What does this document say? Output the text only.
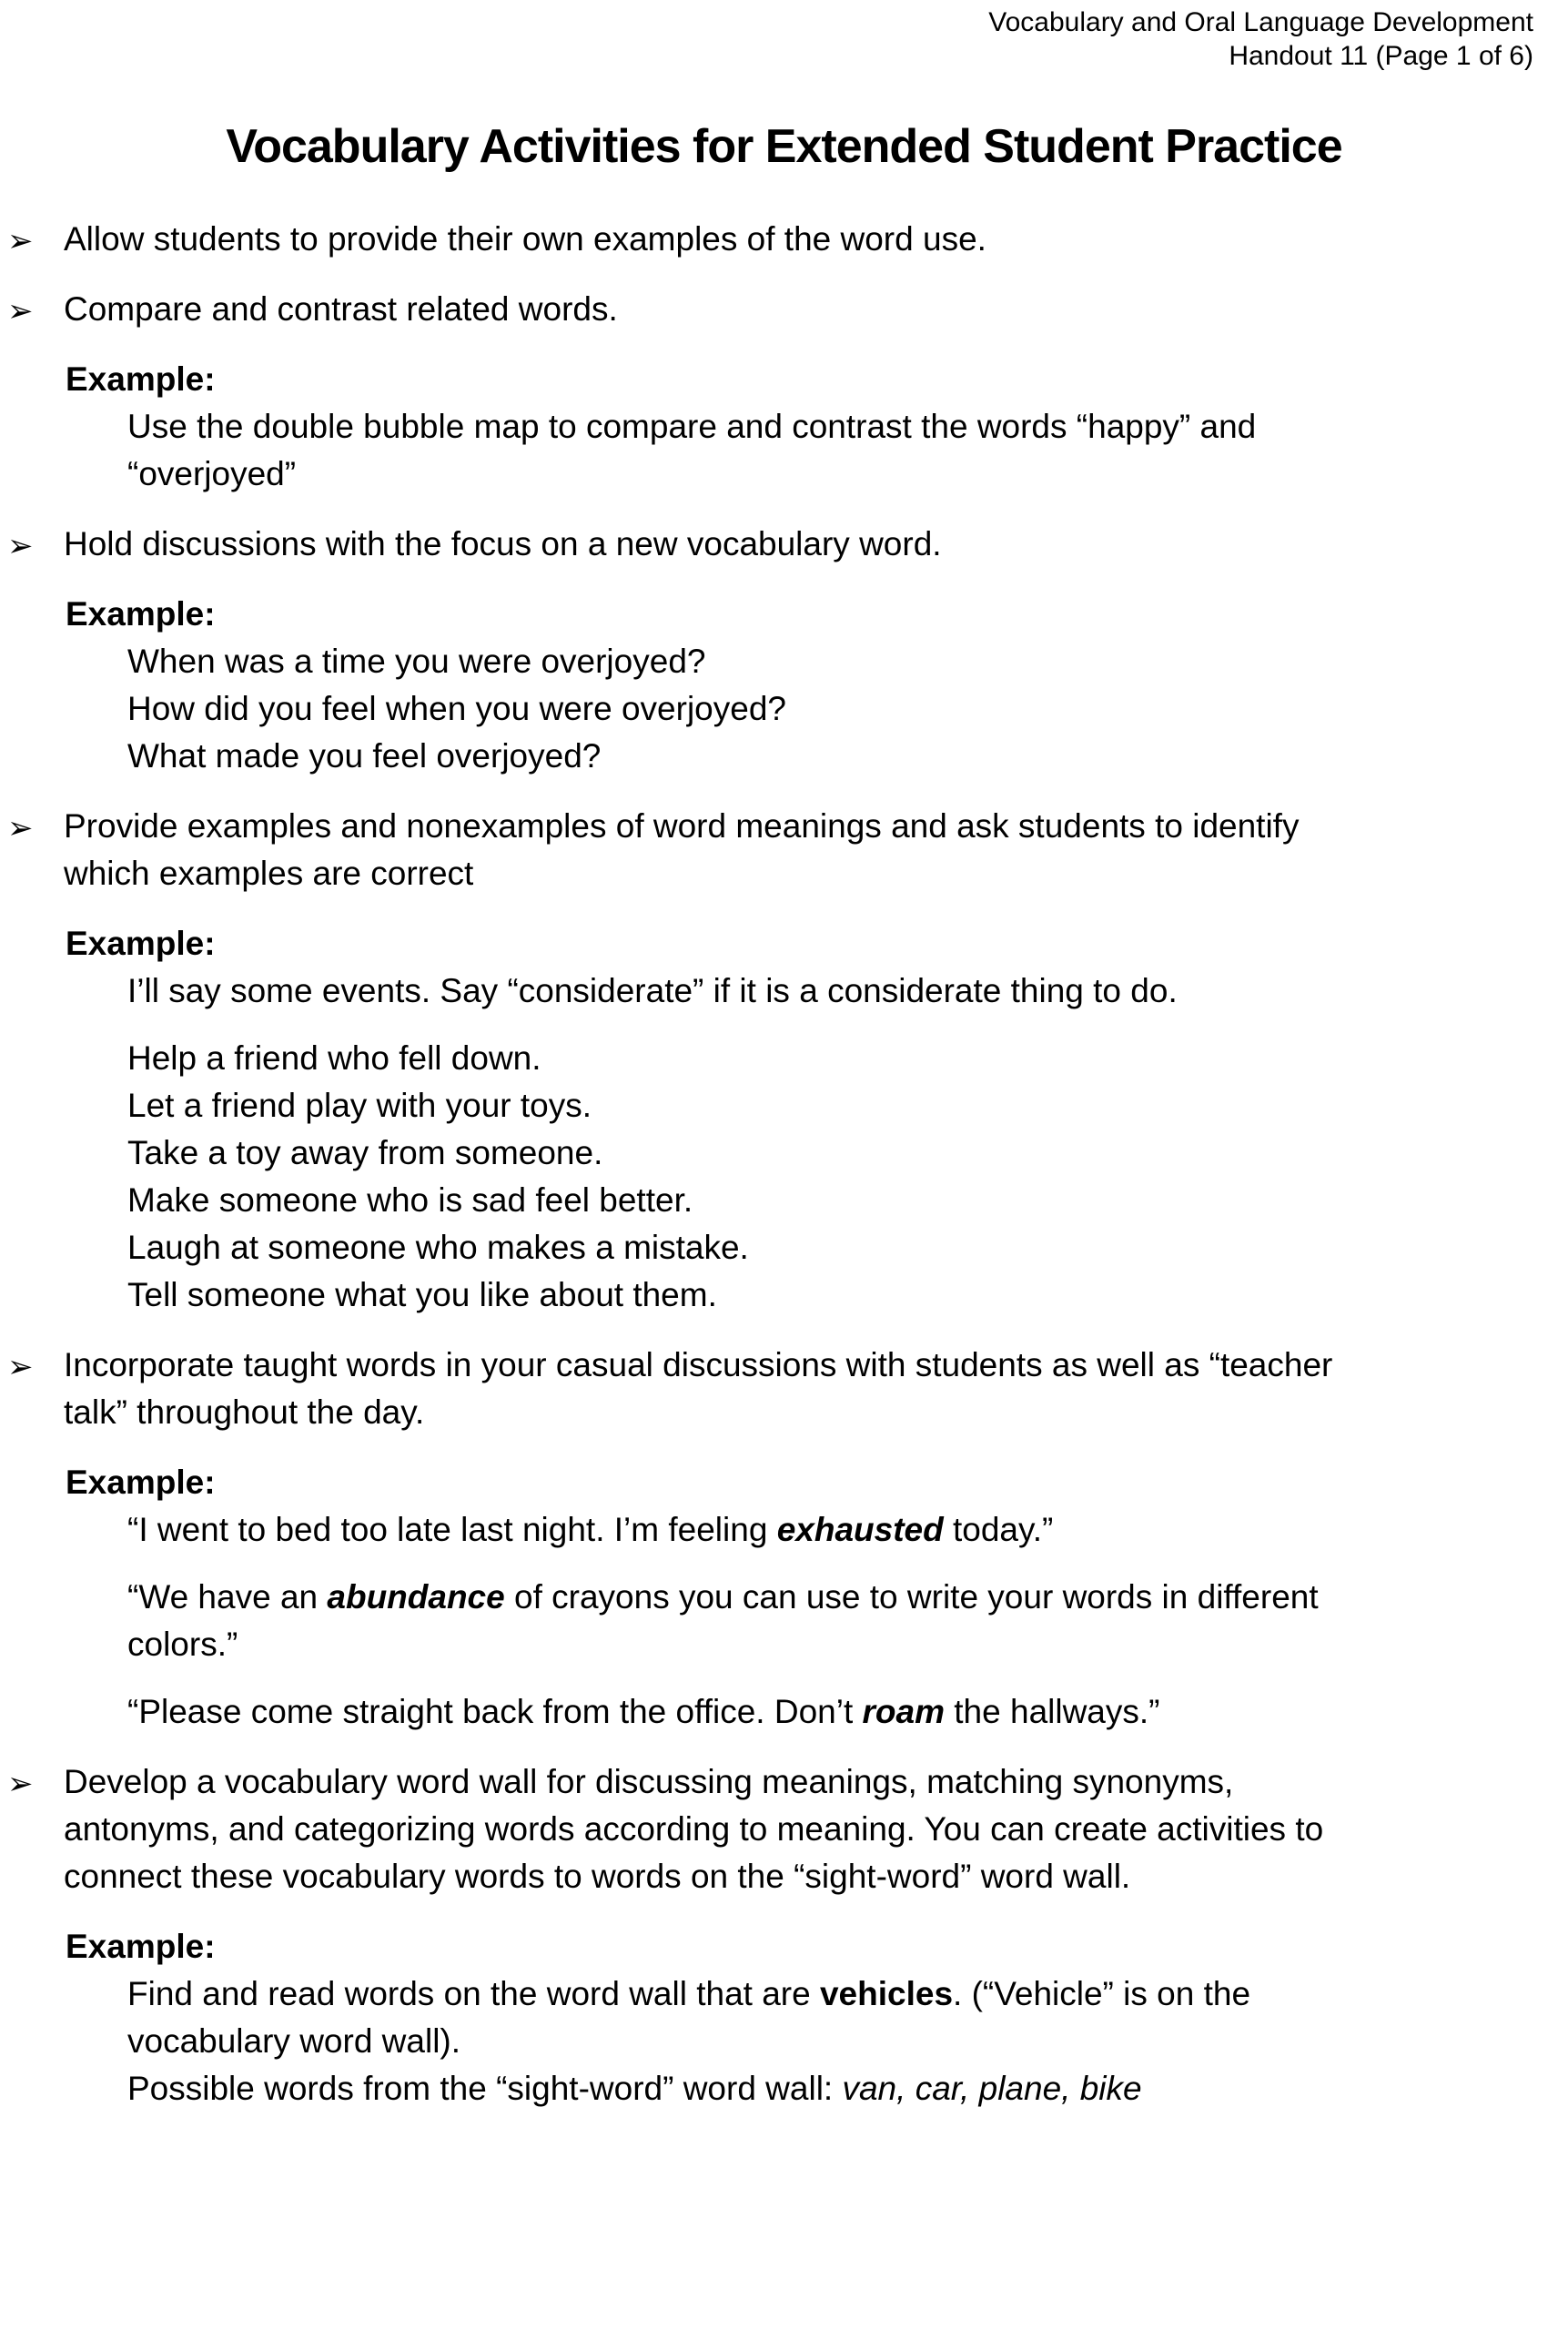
Vocabulary and Oral Language Development
Handout 11 (Page 1 of 6)
Vocabulary Activities for Extended Student Practice
➢ Allow students to provide their own examples of the word use.
➢ Compare and contrast related words.
Example:
Use the double bubble map to compare and contrast the words “happy” and
“overjoyed”
➢ Hold discussions with the focus on a new vocabulary word.
Example:
When was a time you were overjoyed?
How did you feel when you were overjoyed?
What made you feel overjoyed?
➢ Provide examples and nonexamples of word meanings and ask students to identify
which examples are correct
Example:
I’ll say some events. Say “considerate” if it is a considerate thing to do.
Help a friend who fell down.
Let a friend play with your toys.
Take a toy away from someone.
Make someone who is sad feel better.
Laugh at someone who makes a mistake.
Tell someone what you like about them.
➢ Incorporate taught words in your casual discussions with students as well as “teacher
talk” throughout the day.
Example:
“I went to bed too late last night. I’m feeling exhausted today.”
“We have an abundance of crayons you can use to write your words in different
colors.”
“Please come straight back from the office. Don’t roam the hallways.”
➢ Develop a vocabulary word wall for discussing meanings, matching synonyms,
antonyms, and categorizing words according to meaning. You can create activities to
connect these vocabulary words to words on the “sight-word” word wall.
Example:
Find and read words on the word wall that are vehicles. (“Vehicle” is on the
vocabulary word wall).
Possible words from the “sight-word” word wall: van, car, plane, bike
